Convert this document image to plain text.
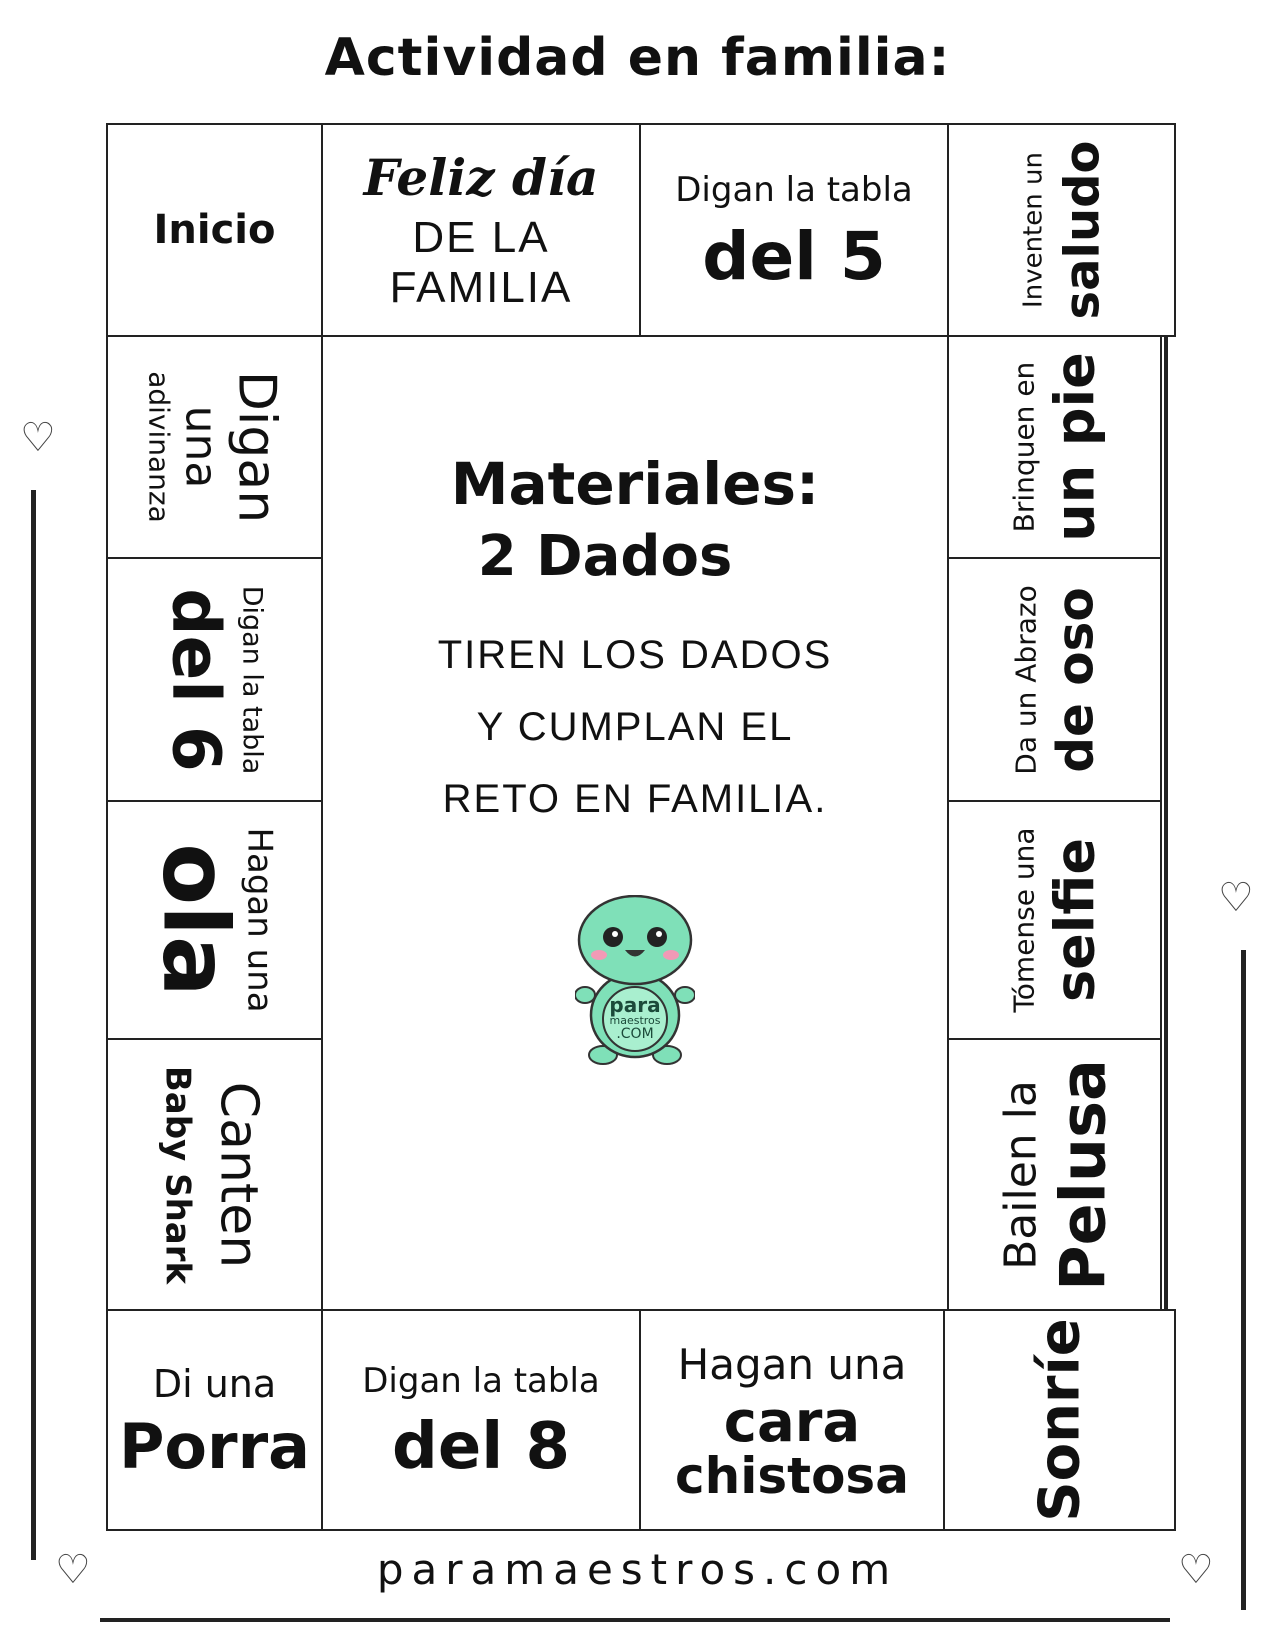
Actividad en familia:
♡
♡
♡
♡
Inicio
Feliz día
DE LA FAMILIA
Digan la tabla
del 5	Inventen un saludo
Digan
una
adivinanza
Digan la tabla
del 6
Hagan una
ola
Canten
Baby Shark
Brinquen en un pie
Da un Abrazo de oso
Tómense una selfie
Bailen la Pelusa
Di una
Porra
Digan la tabla
del 8
Hagan una
cara
chistosa Sonríe
Materiales:
2 Dados
TIREN LOS DADOS
Y CUMPLAN EL
RETO EN FAMILIA.
para
maestros
.COM
paramaestros.com
